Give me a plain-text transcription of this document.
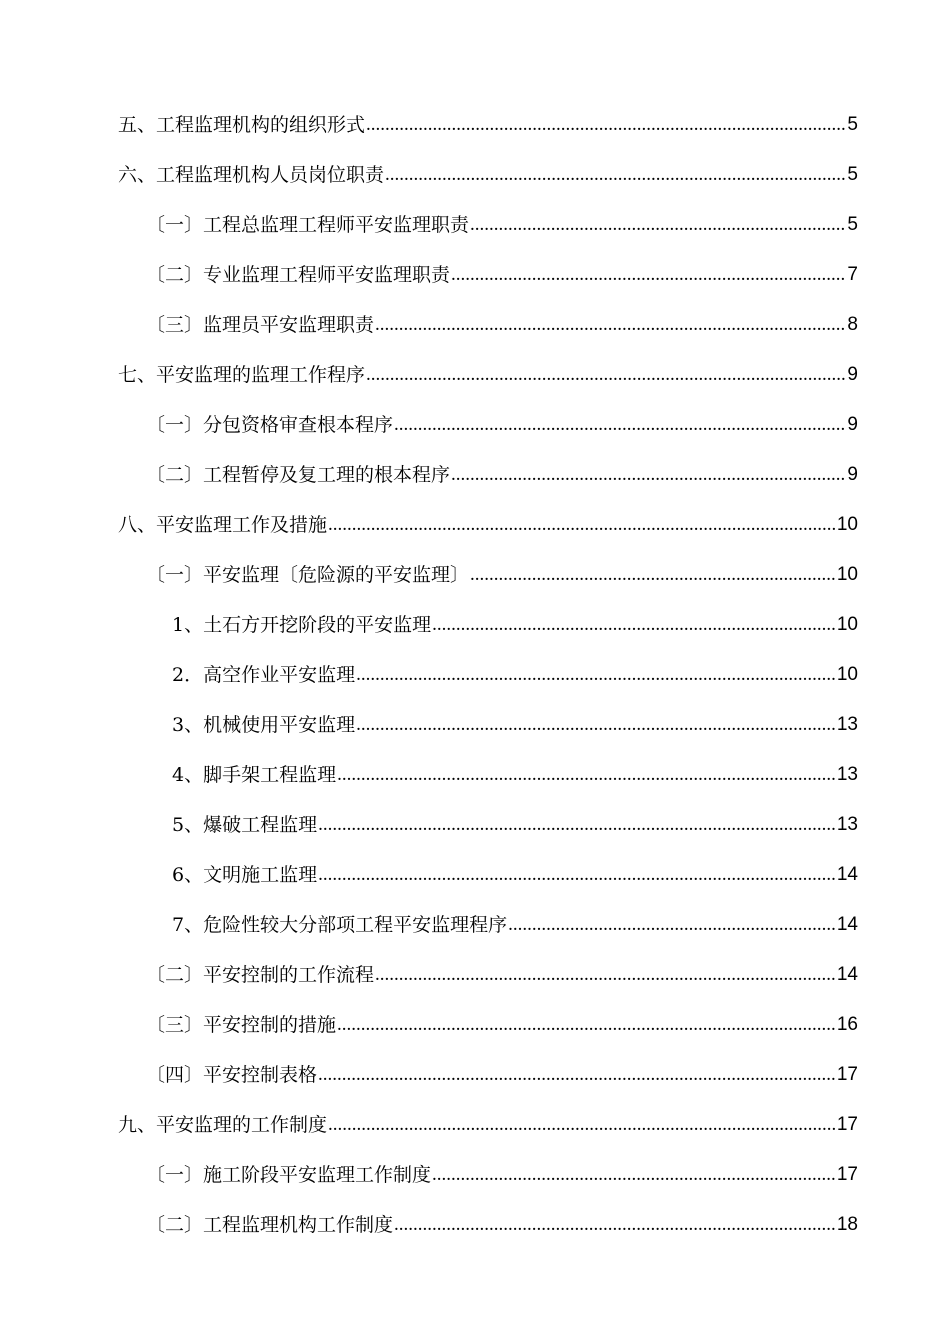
五、工程监理机构的组织形式 .....	5
六、工程监理机构人员岗位职责 .....	5
〔一〕工程总监理工程师平安监理职责 .....	5
〔二〕专业监理工程师平安监理职责 .....	7
〔三〕监理员平安监理职责 .....	8
七、平安监理的监理工作程序 .....	9
〔一〕分包资格审查根本程序 .....	9
〔二〕工程暂停及复工理的根本程序 .....	9
八、平安监理工作及措施 .....	10
〔一〕平安监理〔危险源的平安监理〕 .....	10
1、土石方开挖阶段的平安监理 .....	10
2．高空作业平安监理 .....	10
3、机械使用平安监理 .....	13
4、脚手架工程监理 .....	13
5、爆破工程监理 .....	13
6、文明施工监理 .....	14
7、危险性较大分部项工程平安监理程序 .....	14
〔二〕平安控制的工作流程 .....	14
〔三〕平安控制的措施 .....	16
〔四〕平安控制表格 .....	17
九、平安监理的工作制度 .....	17
〔一〕施工阶段平安监理工作制度 .....	17
〔二〕工程监理机构工作制度 .....	18
